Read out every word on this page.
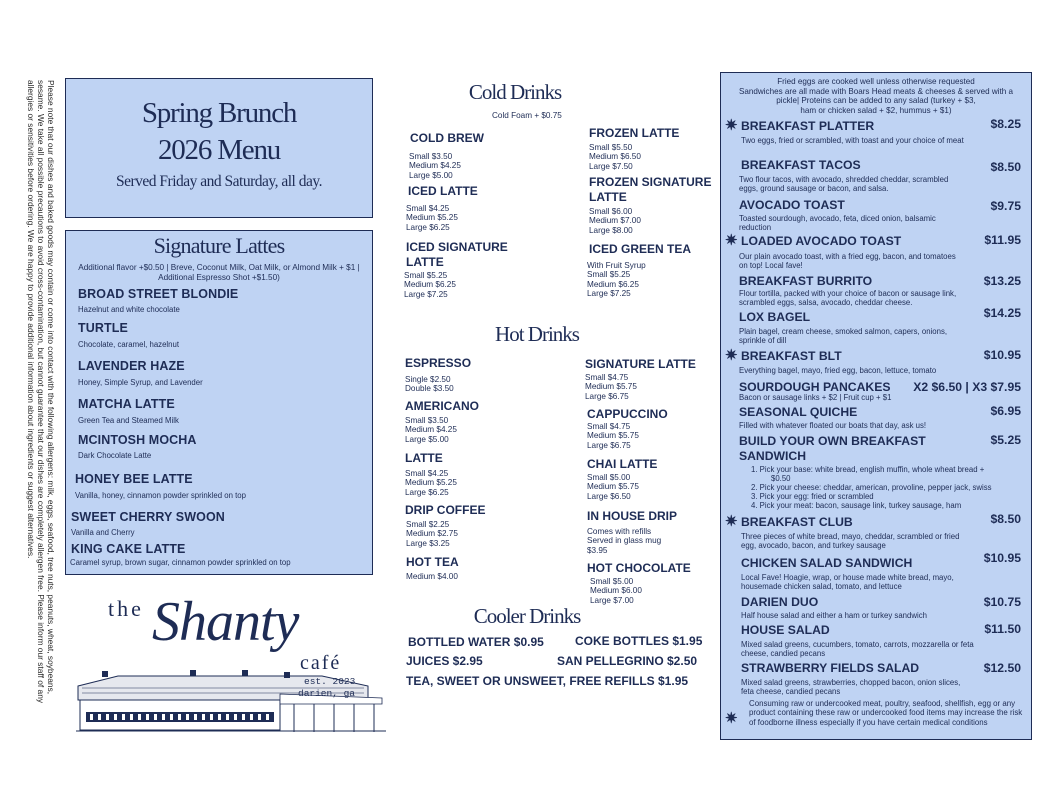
Please note that our dishes and baked goods may contain or come into contact with the following allergens: milk, eggs, seafood, tree nuts, peanuts, wheat, soybeans, sesame. We take all possible precautions to avoid cross-contamination, but cannot guarantee that our dishes are completely allergen free. Please inform our staff of any allergies or sensitivities before ordering. We are happy to provide additional information about ingredients or suggest alternatives.	Spring Brunch
2026 Menu
Served Friday and Saturday, all day.
Signature Lattes
Additional flavor +$0.50 | Breve, Coconut Milk, Oat Milk, or Almond Milk + $1 | Additional Espresso Shot +$1.50)
BROAD STREET BLONDIE
Hazelnut and white chocolate
TURTLE
Chocolate, caramel, hazelnut
LAVENDER HAZE
Honey, Simple Syrup, and Lavender
MATCHA LATTE
Green Tea and Steamed Milk
MCINTOSH MOCHA
Dark Chocolate Latte
HONEY BEE LATTE
Vanilla, honey, cinnamon powder sprinkled on top
SWEET CHERRY SWOON
Vanilla and Cherry
KING CAKE LATTE
Caramel syrup, brown sugar, cinnamon powder sprinkled on top
the Shanty
café
est. 2023
darien, ga
Cold Drinks
Cold Foam + $0.75
COLD BREW
Small $3.50
Medium $4.25
Large $5.00
ICED LATTE
Small $4.25
Medium $5.25
Large $6.25
ICED SIGNATURE
LATTE
Small $5.25
Medium $6.25
Large $7.25
FROZEN LATTE
Small $5.50
Medium $6.50
Large $7.50
FROZEN SIGNATURE
LATTE
Small $6.00
Medium $7.00
Large $8.00
ICED GREEN TEA
With Fruit Syrup
Small $5.25
Medium $6.25
Large $7.25
Hot Drinks
ESPRESSO
Single $2.50
Double $3.50
AMERICANO
Small $3.50
Medium $4.25
Large $5.00
LATTE
Small $4.25
Medium $5.25
Large $6.25
DRIP COFFEE
Small $2.25
Medium $2.75
Large $3.25
HOT TEA
Medium $4.00
SIGNATURE LATTE
Small $4.75
Medium $5.75
Large $6.75
CAPPUCCINO
Small $4.75
Medium $5.75
Large $6.75
CHAI LATTE
Small $5.00
Medium $5.75
Large $6.50
IN HOUSE DRIP
Comes with refills
Served in glass mug
$3.95
HOT CHOCOLATE
Small $5.00
Medium $6.00
Large $7.00
Cooler Drinks
BOTTLED WATER $0.95	COKE BOTTLES $1.95
JUICES $2.95	SAN PELLEGRINO $2.50
TEA, SWEET OR UNSWEET, FREE REFILLS $1.95
Fried eggs are cooked well unless otherwise requested
Sandwiches are all made with Boars Head meats & cheeses & served with a
pickle| Proteins can be added to any salad (turkey + $3,
ham or chicken salad + $2, hummus + $1)
✷ BREAKFAST PLATTER	$8.25
Two eggs, fried or scrambled, with toast and your choice of meat
BREAKFAST TACOS	$8.50
Two flour tacos, with avocado, shredded cheddar, scrambled eggs, ground sausage or bacon, and salsa.
AVOCADO TOAST	$9.75
Toasted sourdough, avocado, feta, diced onion, balsamic reduction
✷ LOADED AVOCADO TOAST	$11.95
Our plain avocado toast, with a fried egg, bacon, and tomatoes on top! Local fave!
BREAKFAST BURRITO	$13.25
Flour tortilla, packed with your choice of bacon or sausage link, scrambled eggs, salsa, avocado, cheddar cheese.
LOX BAGEL	$14.25
Plain bagel, cream cheese, smoked salmon, capers, onions, sprinkle of dill
✷ BREAKFAST BLT	$10.95
Everything bagel, mayo, fried egg, bacon, lettuce, tomato
SOURDOUGH PANCAKES X2 $6.50 | X3 $7.95
Bacon or sausage links + $2 | Fruit cup + $1
SEASONAL QUICHE	$6.95
Filled with whatever floated our boats that day, ask us!
BUILD YOUR OWN BREAKFAST
SANDWICH
$5.25
1. Pick your base: white bread, english muffin, whole wheat bread +
$0.50
2. Pick your cheese: cheddar, american, provoline, pepper jack, swiss
3. Pick your egg: fried or scrambled
4. Pick your meat: bacon, sausage link, turkey sausage, ham
✷ BREAKFAST CLUB	$8.50
Three pieces of white bread, mayo, cheddar, scrambled or fried egg, avocado, bacon, and turkey sausage
CHICKEN SALAD SANDWICH	$10.95
Local Fave! Hoagie, wrap, or house made white bread, mayo, housemade chicken salad, tomato, and lettuce
DARIEN DUO	$10.75
Half house salad and either a ham or turkey sandwich
HOUSE SALAD	$11.50
Mixed salad greens, cucumbers, tomato, carrots, mozzarella or feta cheese, candied pecans
STRAWBERRY FIELDS SALAD	$12.50
Mixed salad greens, strawberries, chopped bacon, onion slices, feta cheese, candied pecans
✷
Consuming raw or undercooked meat, poultry, seafood, shellfish, egg or any product containing these raw or undercooked food items may increase the risk of foodborne illness especially if you have certain medical conditions
